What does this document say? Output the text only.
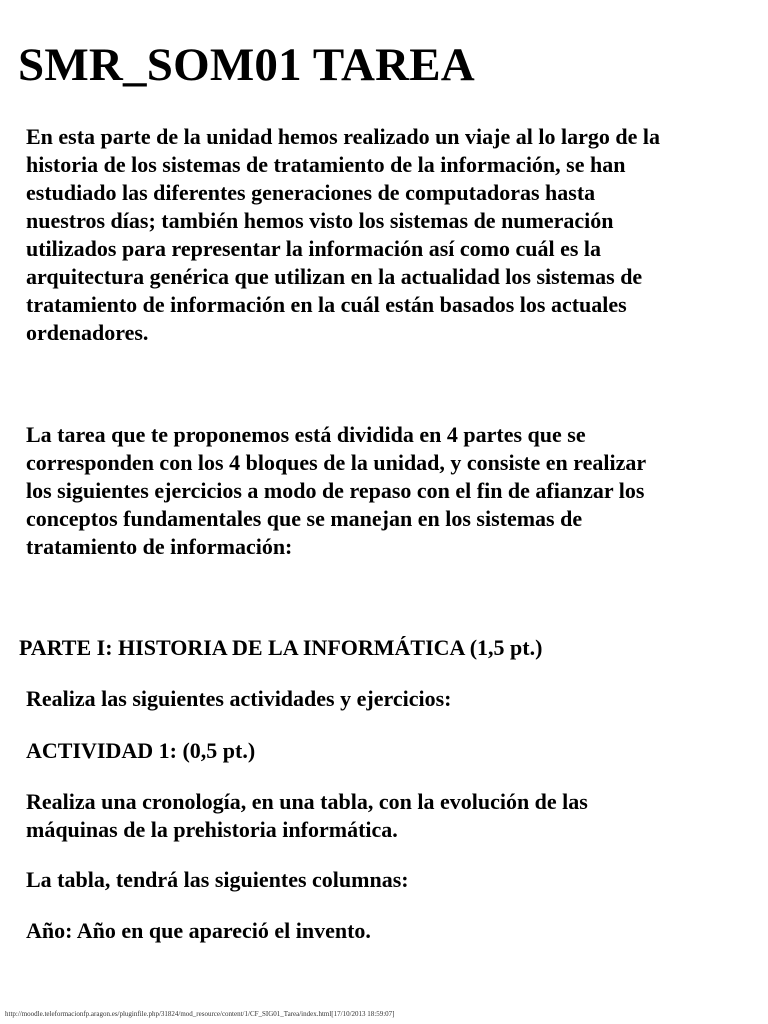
SMR_SOM01 TAREA

En esta parte de la unidad hemos realizado un viaje al lo largo de la
historia de los sistemas de tratamiento de la información, se han
estudiado las diferentes generaciones de computadoras hasta
nuestros días; también hemos visto los sistemas de numeración
utilizados para representar la información así como cuál es la
arquitectura genérica que utilizan en la actualidad los sistemas de
tratamiento de información en la cuál están basados los actuales
ordenadores.

La tarea que te proponemos está dividida en 4 partes que se
corresponden con los 4 bloques de la unidad, y consiste en realizar
los siguientes ejercicios a modo de repaso con el fin de afianzar los
conceptos fundamentales que se manejan en los sistemas de
tratamiento de información:

PARTE I: HISTORIA DE LA INFORMÁTICA (1,5 pt.)

Realiza las siguientes actividades y ejercicios:

ACTIVIDAD 1: (0,5 pt.)

Realiza una cronología, en una tabla, con la evolución de las
máquinas de la prehistoria informática.

La tabla, tendrá las siguientes columnas:

Año: Año en que apareció el invento.

http://moodle.teleformacionfp.aragon.es/pluginfile.php/31824/mod_resource/content/1/CF_SIG01_Tarea/index.html[17/10/2013 18:59:07]
